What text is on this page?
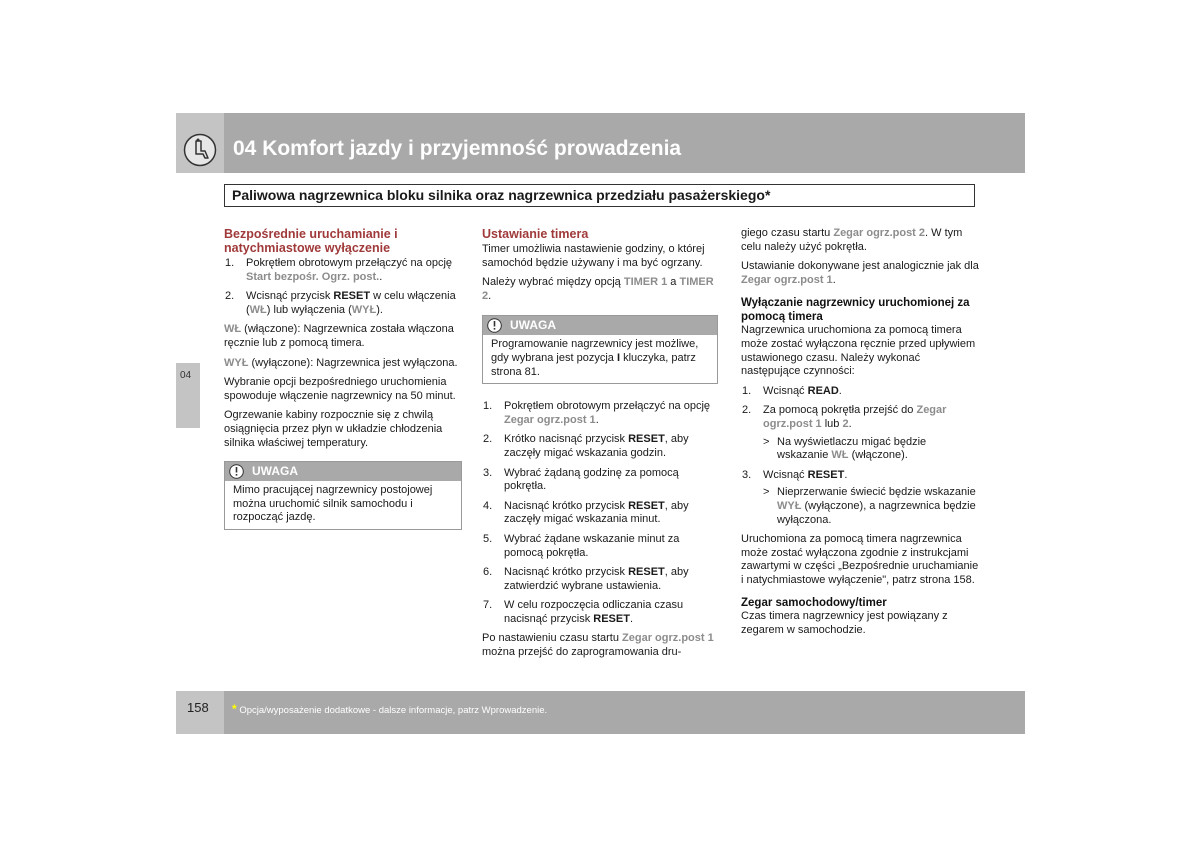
04 Komfort jazdy i przyjemność prowadzenia
Paliwowa nagrzewnica bloku silnika oraz nagrzewnica przedziału pasażerskiego*
04

Bezpośrednie uruchamianie i natychmiastowe wyłączenie

1. Pokrętłem obrotowym przełączyć na opcję Start bezpośr. Ogrz. post..
2. Wcisnąć przycisk RESET w celu włączenia (WŁ) lub wyłączenia (WYŁ).

WŁ (włączone): Nagrzewnica została włączona ręcznie lub z pomocą timera.

WYŁ (wyłączone): Nagrzewnica jest wyłączona.

Wybranie opcji bezpośredniego uruchomienia spowoduje włączenie nagrzewnicy na 50 minut.

Ogrzewanie kabiny rozpocznie się z chwilą osiągnięcia przez płyn w układzie chłodzenia silnika właściwej temperatury.

UWAGA
Mimo pracującej nagrzewnicy postojowej można uruchomić silnik samochodu i rozpocząć jazdę.

Ustawianie timera

Timer umożliwia nastawienie godziny, o której samochód będzie używany i ma być ogrzany.

Należy wybrać między opcją TIMER 1 a TIMER 2.

UWAGA
Programowanie nagrzewnicy jest możliwe, gdy wybrana jest pozycja I kluczyka, patrz strona 81.
1. Pokrętłem obrotowym przełączyć na opcję Zegar ogrz.post 1.
2. Krótko nacisnąć przycisk RESET, aby zaczęły migać wskazania godzin.
3. Wybrać żądaną godzinę za pomocą pokrętła.
4. Nacisnąć krótko przycisk RESET, aby zaczęły migać wskazania minut.
5. Wybrać żądane wskazanie minut za pomocą pokrętła.
6. Nacisnąć krótko przycisk RESET, aby zatwierdzić wybrane ustawienia.
7. W celu rozpoczęcia odliczania czasu nacisnąć przycisk RESET.

Po nastawieniu czasu startu Zegar ogrz.post 1 można przejść do zaprogramowania dru-

giego czasu startu Zegar ogrz.post 2. W tym celu należy użyć pokrętła.

Ustawianie dokonywane jest analogicznie jak dla Zegar ogrz.post 1.

Wyłączanie nagrzewnicy uruchomionej za pomocą timera

Nagrzewnica uruchomiona za pomocą timera może zostać wyłączona ręcznie przed upływiem ustawionego czasu. Należy wykonać następujące czynności:

1. Wcisnąć READ.
2. Za pomocą pokrętła przejść do Zegar ogrz.post 1 lub 2.
> Na wyświetlaczu migać będzie wskazanie WŁ (włączone).
3. Wcisnąć RESET.
> Nieprzerwanie świecić będzie wskazanie WYŁ (wyłączone), a nagrzewnica będzie wyłączona.

Uruchomiona za pomocą timera nagrzewnica może zostać wyłączona zgodnie z instrukcjami zawartymi w części „Bezpośrednie uruchamianie i natychmiastowe wyłączenie", patrz strona 158.

Zegar samochodowy/timer

Czas timera nagrzewnicy jest powiązany z zegarem w samochodzie.

158 * Opcja/wyposażenie dodatkowe - dalsze informacje, patrz Wprowadzenie.
